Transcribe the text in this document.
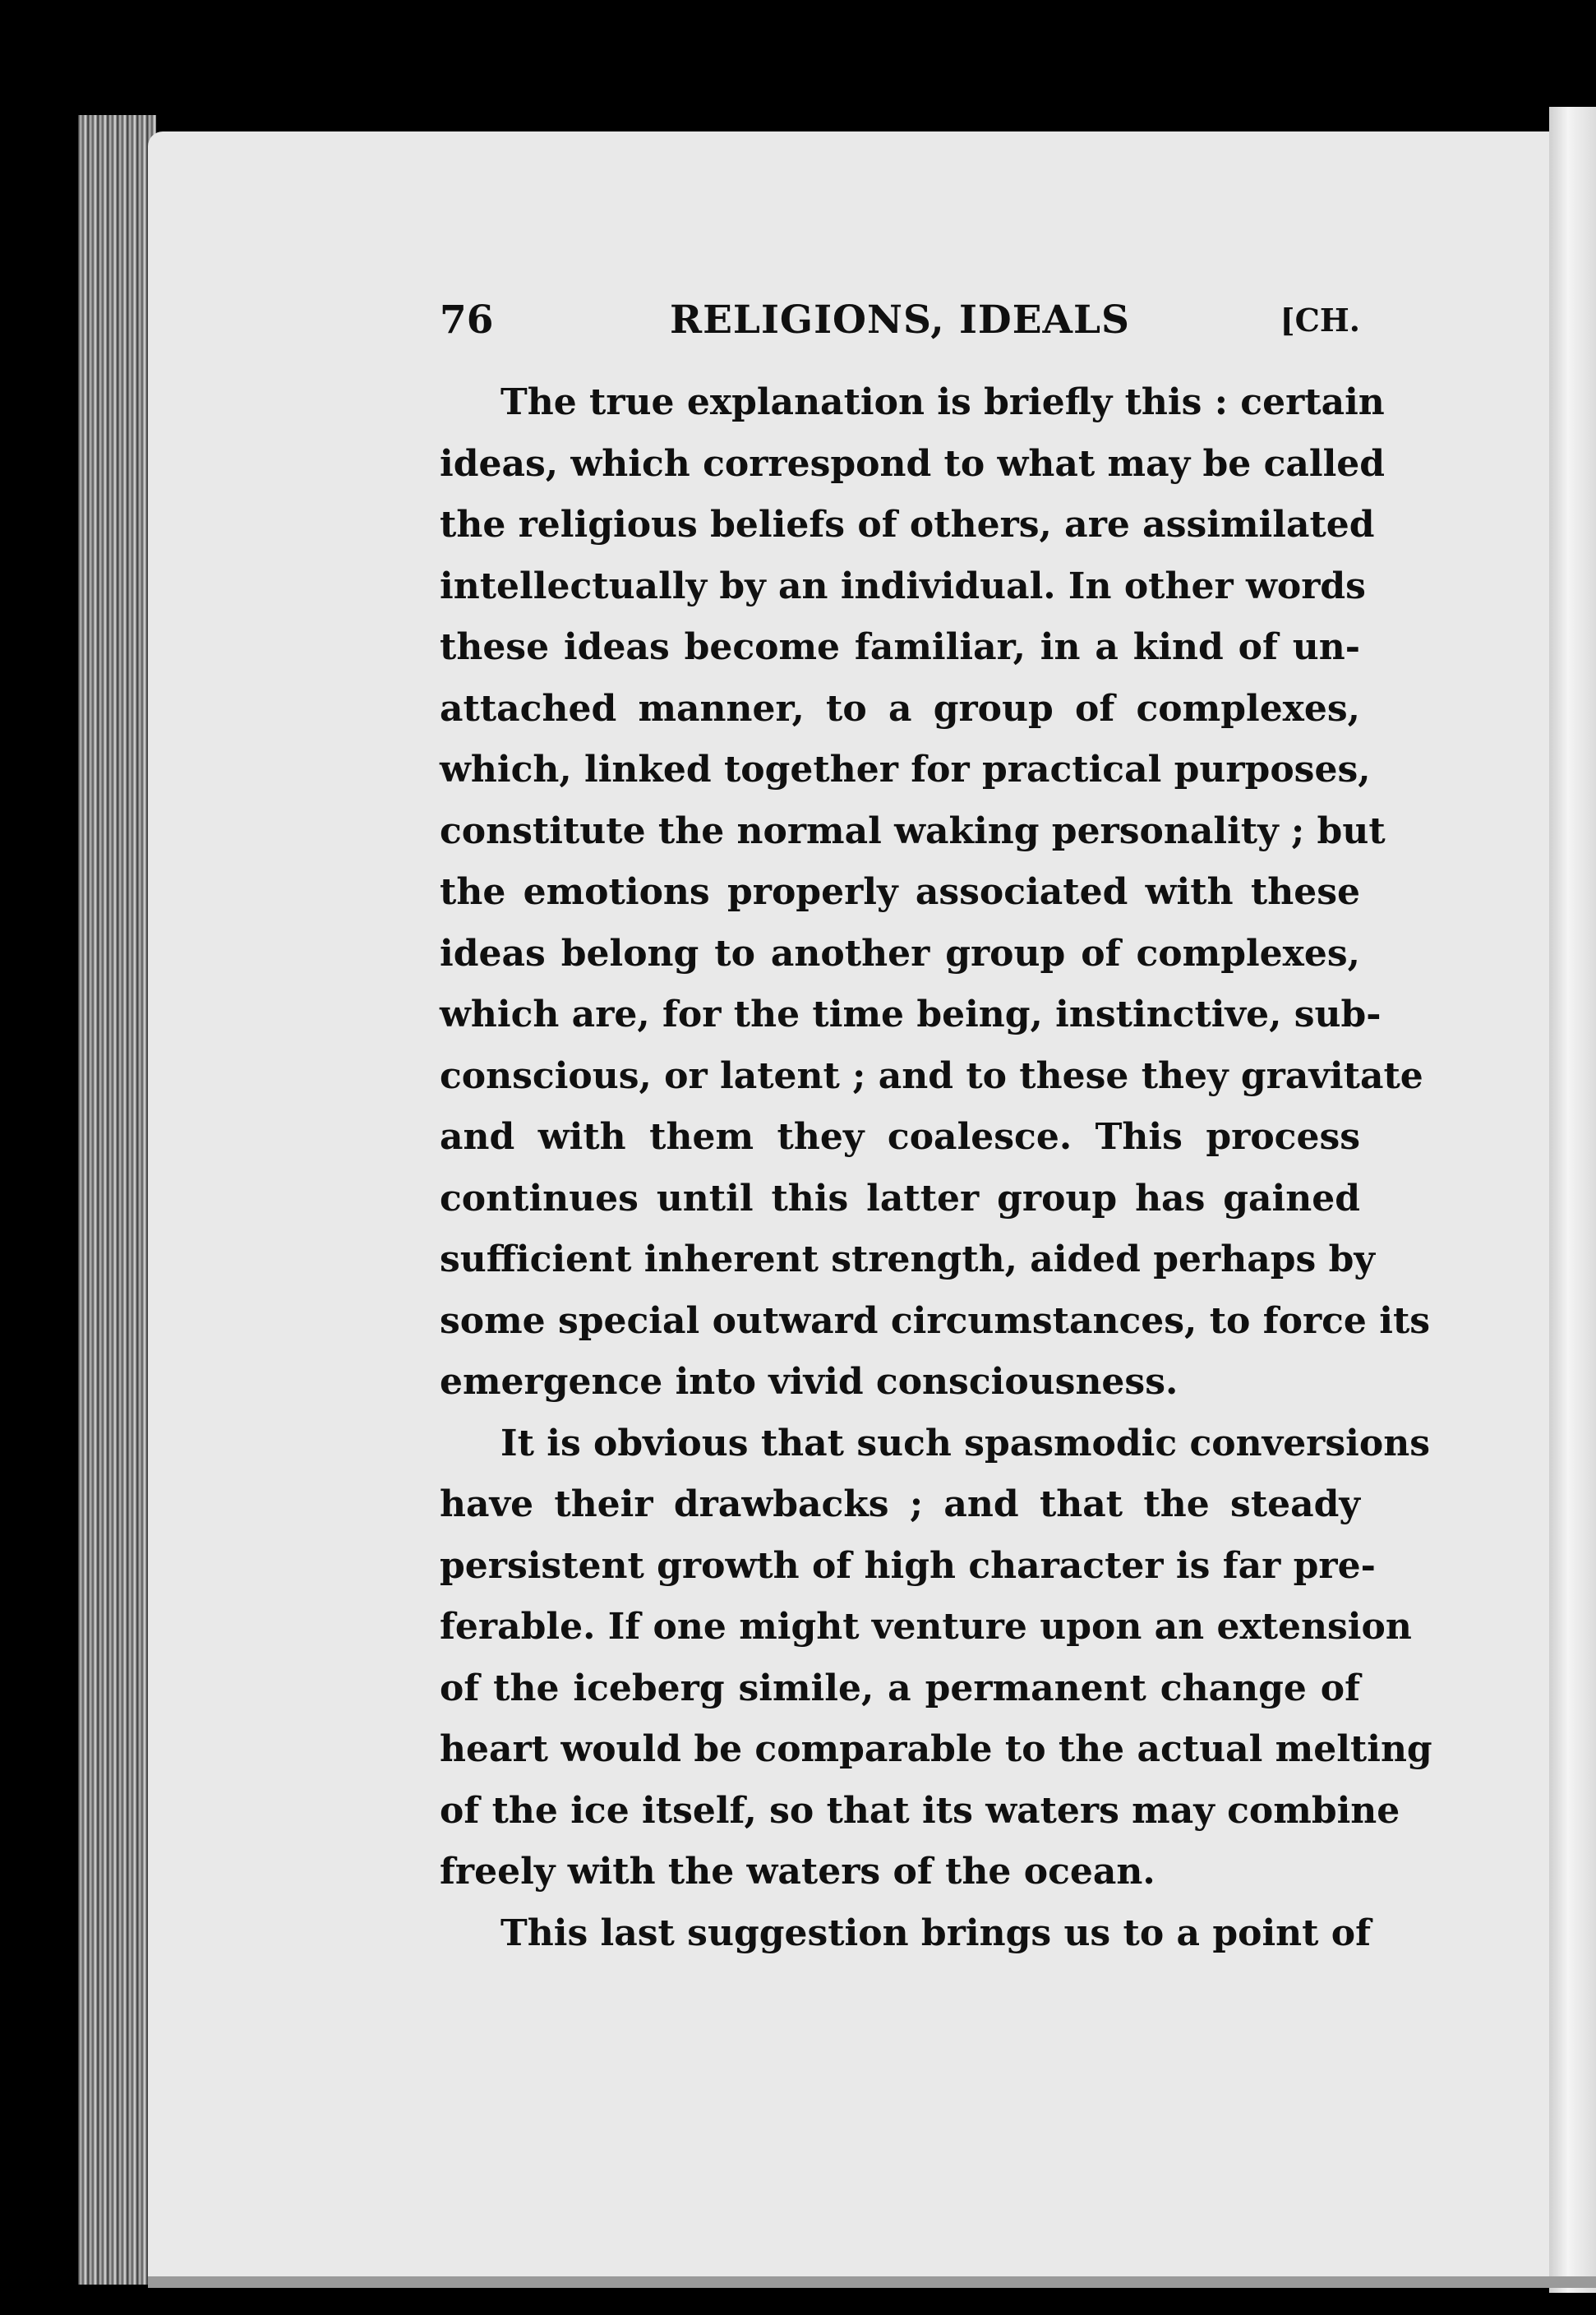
76	RELIGIONS, IDEALS	[CH.

The true explanation is briefly this : certain
ideas, which correspond to what may be called
the religious beliefs of others, are assimilated
intellectually by an individual. In other words
these ideas become familiar, in a kind of un-
attached manner, to a group of complexes,
which, linked together for practical purposes,
constitute the normal waking personality ; but
the emotions properly associated with these
ideas belong to another group of complexes,
which are, for the time being, instinctive, sub-
conscious, or latent ; and to these they gravitate
and with them they coalesce. This process
continues until this latter group has gained
sufficient inherent strength, aided perhaps by
some special outward circumstances, to force its
emergence into vivid consciousness.

It is obvious that such spasmodic conversions
have their drawbacks ; and that the steady
persistent growth of high character is far pre-
ferable. If one might venture upon an extension
of the iceberg simile, a permanent change of
heart would be comparable to the actual melting
of the ice itself, so that its waters may combine
freely with the waters of the ocean.

This last suggestion brings us to a point of
